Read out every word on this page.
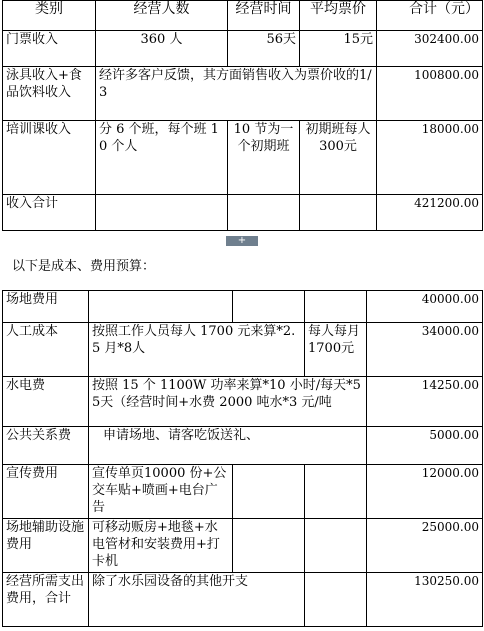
类别	经营人数	经营时间	平均票价	合计（元）
门票收入	360 人	56天	15元	302400.00
泳具收入+食品饮料收入	经许多客户反馈，其方面销售收入为票价收的1/3			100800.00
培训课收入	分 6 个班，每个班 10 个人	10 节为一个初期班	初期班每人 300元	18000.00
收入合计				421200.00
+
以下是成本、费用预算：
场地费用				40000.00
人工成本	按照工作人员每人 1700 元来算*2.5 月*8人		每人每月1700元	34000.00
水电费	按照 15 个 1100W 功率来算*10 小时/每天*55天（经营时间+水费 2000 吨水*3 元/吨			14250.00
公共关系费	申请场地、请客吃饭送礼、			5000.00
宣传费用	宣传单页10000 份+公交车贴+喷画+电台广告			12000.00
场地辅助设施费用	可移动贩房+地毯+水电管材和安装费用+打卡机			25000.00
经营所需支出费用，合计	除了水乐园设备的其他开支			130250.00
